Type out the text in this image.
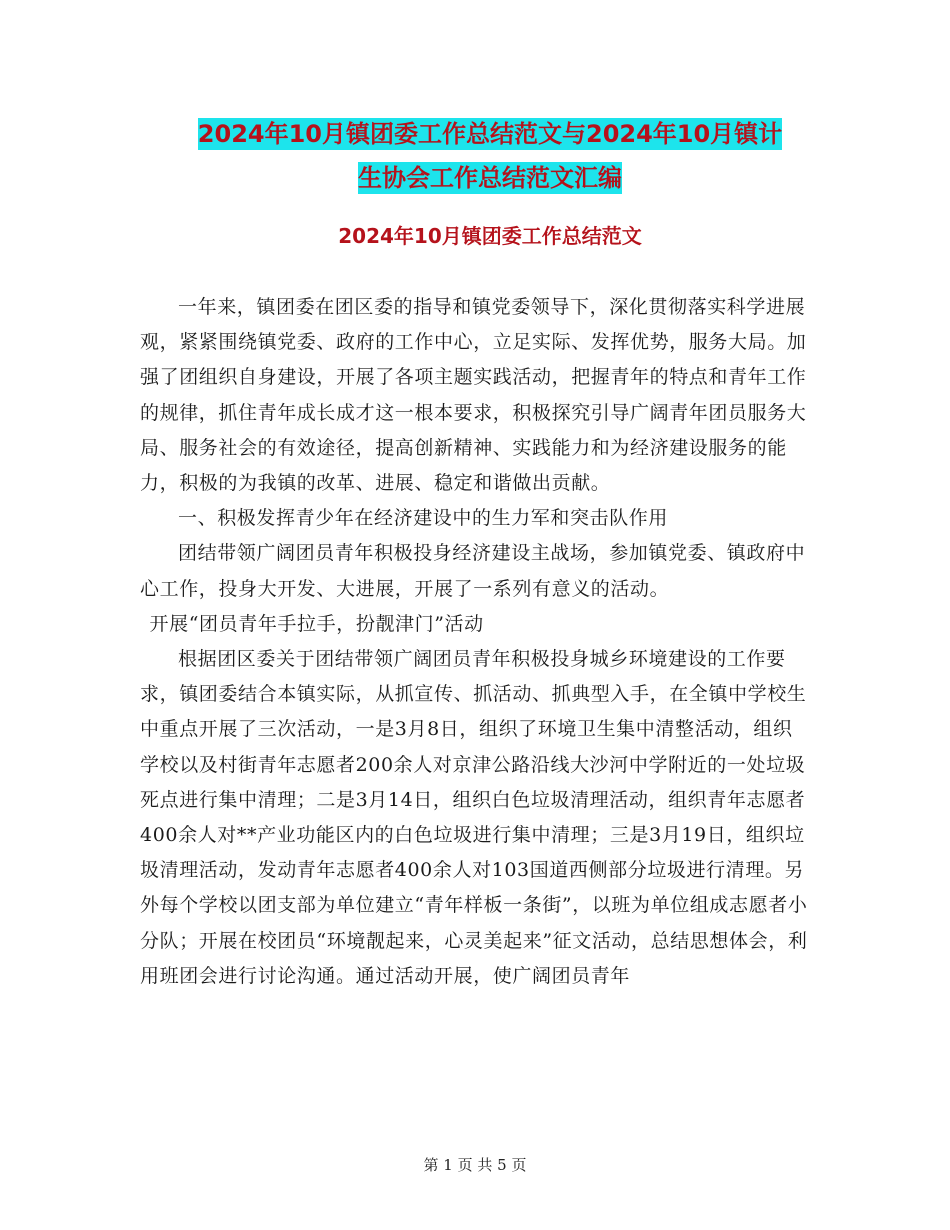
2024年10月镇团委工作总结范文与2024年10月镇计
生协会工作总结范文汇编
2024年10月镇团委工作总结范文

一年来，镇团委在团区委的指导和镇党委领导下，深化贯彻落实科学进展观，紧紧围绕镇党委、政府的工作中心，立足实际、发挥优势，服务大局。加强了团组织自身建设，开展了各项主题实践活动，把握青年的特点和青年工作的规律，抓住青年成长成才这一根本要求，积极探究引导广阔青年团员服务大局、服务社会的有效途径，提高创新精神、实践能力和为经济建设服务的能力，积极的为我镇的改革、进展、稳定和谐做出贡献。

一、积极发挥青少年在经济建设中的生力军和突击队作用

团结带领广阔团员青年积极投身经济建设主战场，参加镇党委、镇政府中心工作，投身大开发、大进展，开展了一系列有意义的活动。

开展“团员青年手拉手，扮靓津门”活动

根据团区委关于团结带领广阔团员青年积极投身城乡环境建设的工作要求，镇团委结合本镇实际，从抓宣传、抓活动、抓典型入手，在全镇中学校生中重点开展了三次活动，一是3月8日，组织了环境卫生集中清整活动，组织学校以及村街青年志愿者200余人对京津公路沿线大沙河中学附近的一处垃圾死点进行集中清理；二是3月14日，组织白色垃圾清理活动，组织青年志愿者400余人对**产业功能区内的白色垃圾进行集中清理；三是3月19日，组织垃圾清理活动，发动青年志愿者400余人对103国道西侧部分垃圾进行清理。另外每个学校以团支部为单位建立“青年样板一条街”，以班为单位组成志愿者小分队；开展在校团员“环境靓起来，心灵美起来”征文活动，总结思想体会，利用班团会进行讨论沟通。通过活动开展，使广阔团员青年

第 1 页 共 5 页
